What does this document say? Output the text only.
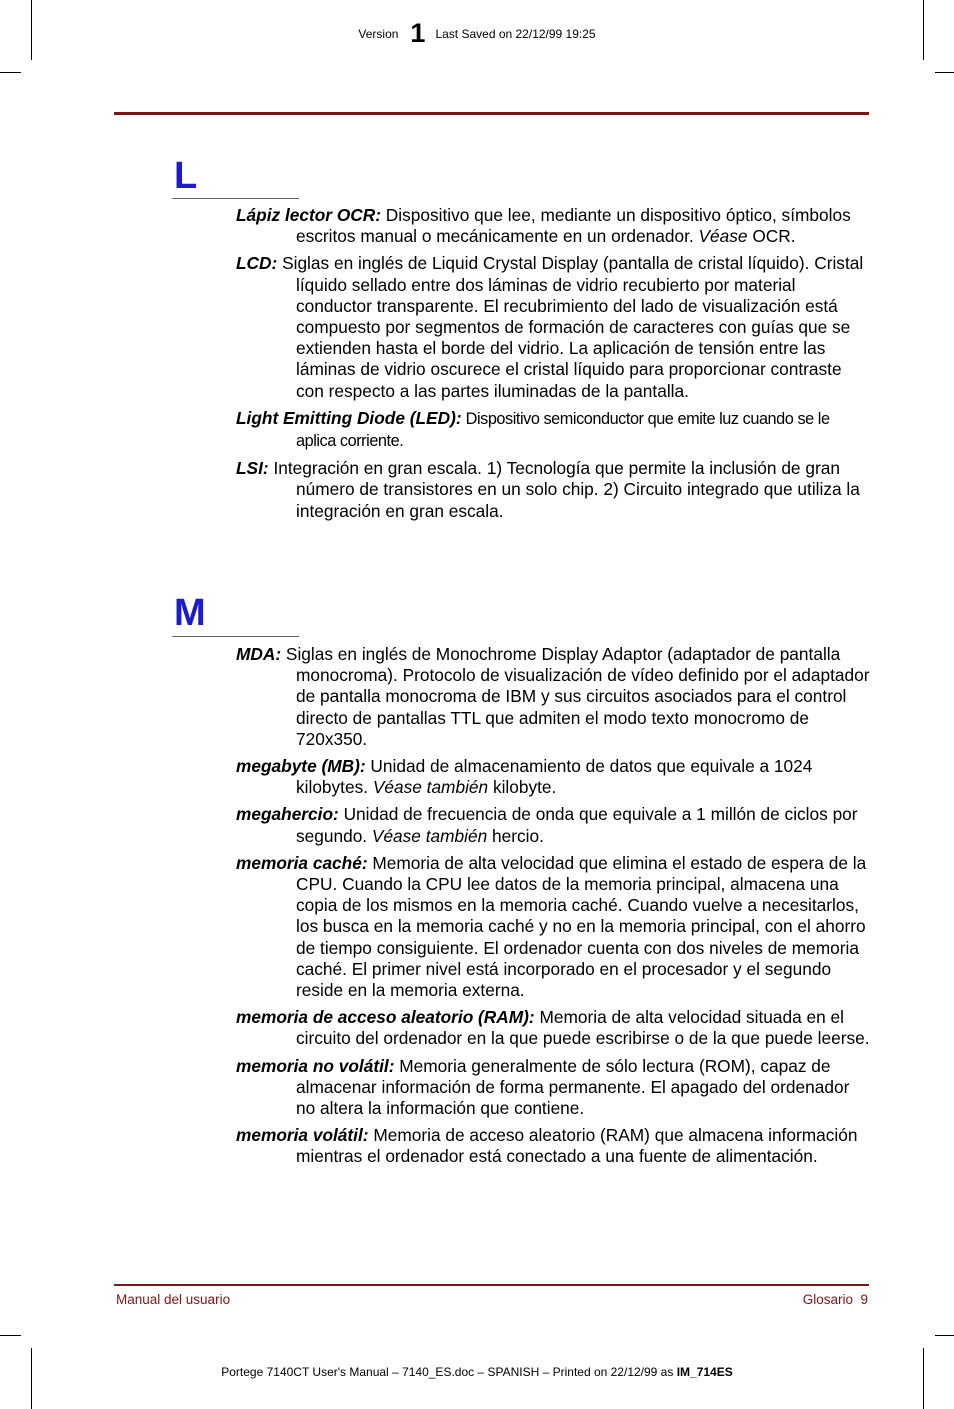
Version 1 Last Saved on 22/12/99 19:25
L

Lápiz lector OCR: Dispositivo que lee, mediante un dispositivo óptico, símbolos escritos manual o mecánicamente en un ordenador. Véase OCR.

LCD: Siglas en inglés de Liquid Crystal Display (pantalla de cristal líquido). Cristal líquido sellado entre dos láminas de vidrio recubierto por material conductor transparente. El recubrimiento del lado de visualización está compuesto por segmentos de formación de caracteres con guías que se extienden hasta el borde del vidrio. La aplicación de tensión entre las láminas de vidrio oscurece el cristal líquido para proporcionar contraste con respecto a las partes iluminadas de la pantalla.

Light Emitting Diode (LED): Dispositivo semiconductor que emite luz cuando se le aplica corriente.

LSI: Integración en gran escala. 1) Tecnología que permite la inclusión de gran número de transistores en un solo chip. 2) Circuito integrado que utiliza la integración en gran escala.

M

MDA: Siglas en inglés de Monochrome Display Adaptor (adaptador de pantalla monocroma). Protocolo de visualización de vídeo definido por el adaptador de pantalla monocroma de IBM y sus circuitos asociados para el control directo de pantallas TTL que admiten el modo texto monocromo de 720x350.

megabyte (MB): Unidad de almacenamiento de datos que equivale a 1024 kilobytes. Véase también kilobyte.

megahercio: Unidad de frecuencia de onda que equivale a 1 millón de ciclos por segundo. Véase también hercio.

memoria caché: Memoria de alta velocidad que elimina el estado de espera de la CPU. Cuando la CPU lee datos de la memoria principal, almacena una copia de los mismos en la memoria caché. Cuando vuelve a necesitarlos, los busca en la memoria caché y no en la memoria principal, con el ahorro de tiempo consiguiente. El ordenador cuenta con dos niveles de memoria caché. El primer nivel está incorporado en el procesador y el segundo reside en la memoria externa.

memoria de acceso aleatorio (RAM): Memoria de alta velocidad situada en el circuito del ordenador en la que puede escribirse o de la que puede leerse.

memoria no volátil: Memoria generalmente de sólo lectura (ROM), capaz de almacenar información de forma permanente. El apagado del ordenador no altera la información que contiene.

memoria volátil: Memoria de acceso aleatorio (RAM) que almacena información mientras el ordenador está conectado a una fuente de alimentación.

Manual del usuario	Glosario  9
Portege 7140CT User's Manual – 7140_ES.doc – SPANISH – Printed on 22/12/99 as IM_714ES
